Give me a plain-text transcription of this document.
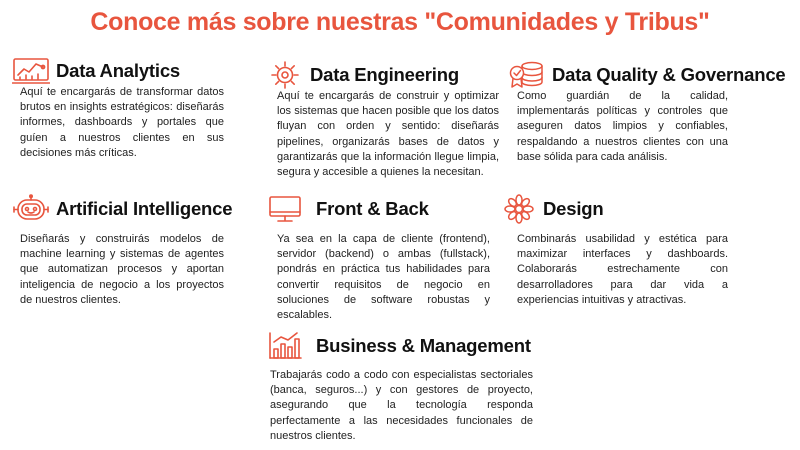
Conoce más sobre nuestras "Comunidades y Tribus"
Data Analytics
Aquí te encargarás de transformar datos brutos en insights estratégicos: diseñarás informes, dashboards y portales que guíen a nuestros clientes en sus decisiones más críticas.
Data Engineering
Aquí te encargarás de construir y optimizar los sistemas que hacen posible que los datos fluyan con orden y sentido: diseñarás pipelines, organizarás bases de datos y garantizarás que la información llegue limpia, segura y accesible a quienes la necesitan.
Data Quality & Governance
Como guardián de la calidad, implementarás políticas y controles que aseguren datos limpios y confiables, respaldando a nuestros clientes con una base sólida para cada análisis.
Artificial Intelligence
Diseñarás y construirás modelos de machine learning y sistemas de agentes que automatizan procesos y aportan inteligencia de negocio a los proyectos de nuestros clientes.
Front & Back
Ya sea en la capa de cliente (frontend), servidor (backend) o ambas (fullstack), pondrás en práctica tus habilidades para convertir requisitos de negocio en soluciones de software robustas y escalables.
Design
Combinarás usabilidad y estética para maximizar interfaces y dashboards. Colaborarás estrechamente con desarrolladores para dar vida a experiencias intuitivas y atractivas.
Business & Management
Trabajarás codo a codo con especialistas sectoriales (banca, seguros...) y con gestores de proyecto, asegurando que la tecnología responda perfectamente a las necesidades funcionales de nuestros clientes.
